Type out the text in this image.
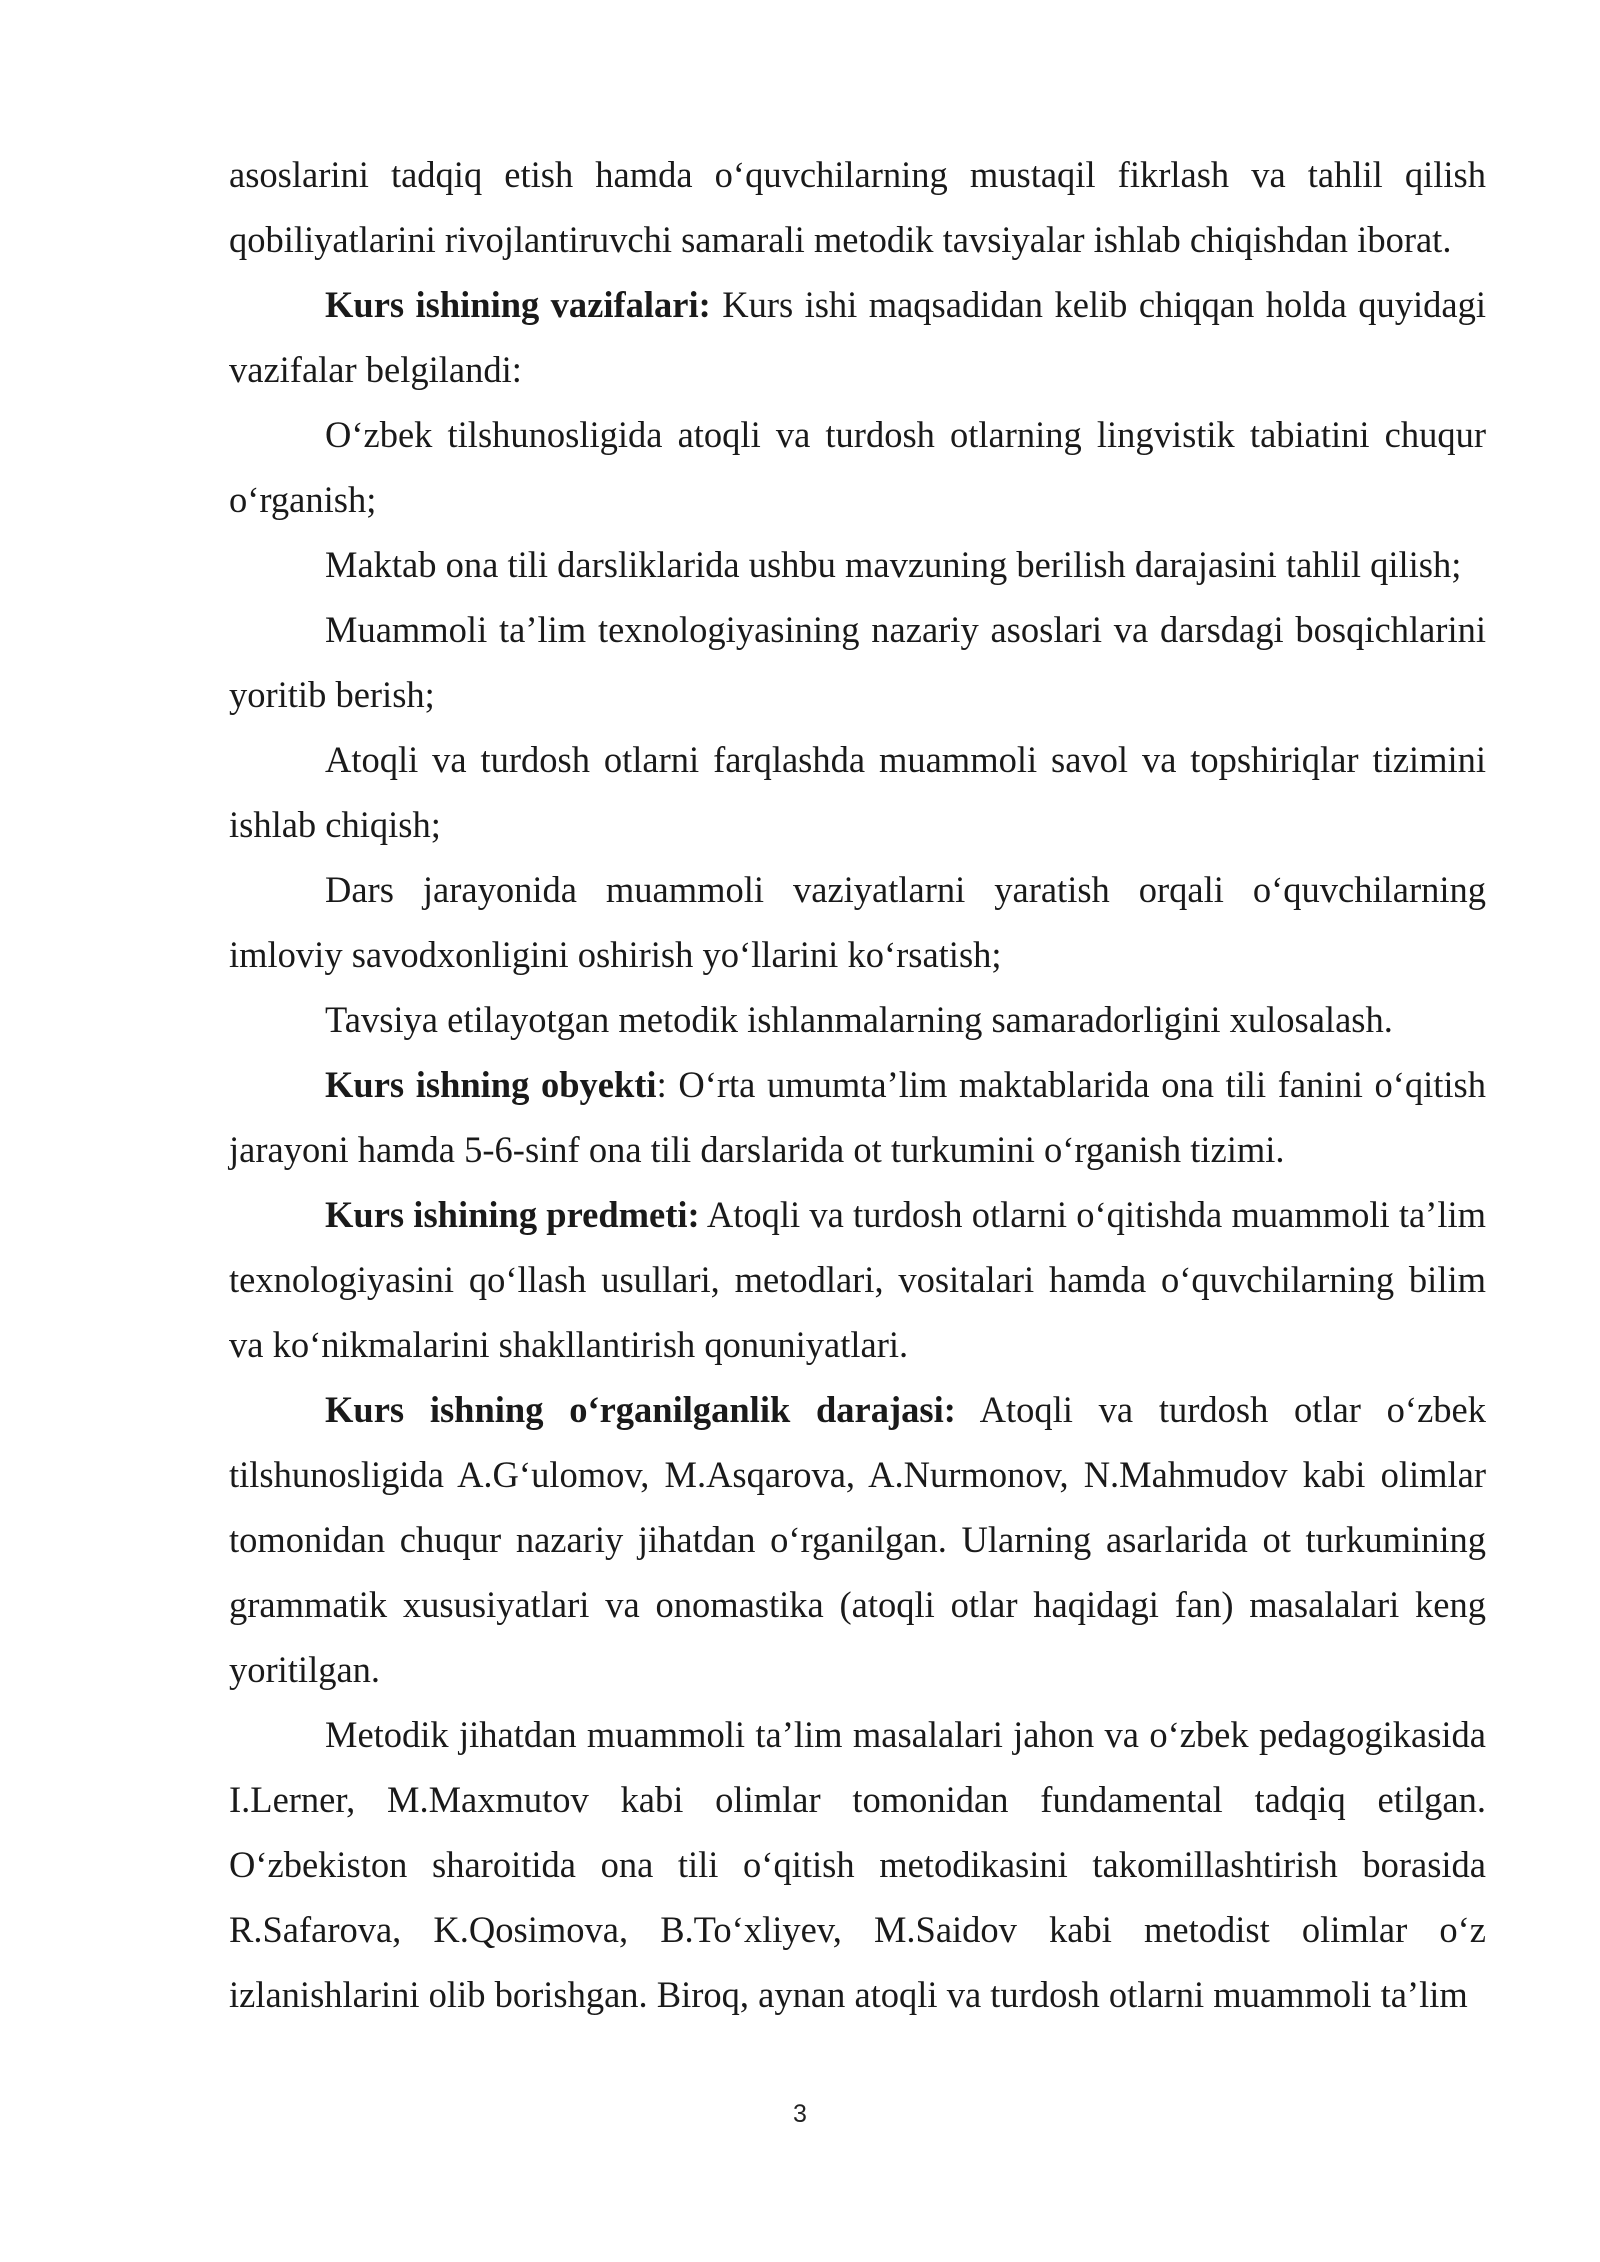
asoslarini tadqiq etish hamda o‘quvchilarning mustaqil fikrlash va tahlil qilish qobiliyatlarini rivojlantiruvchi samarali metodik tavsiyalar ishlab chiqishdan iborat.

Kurs ishining vazifalari: Kurs ishi maqsadidan kelib chiqqan holda quyidagi vazifalar belgilandi:

O‘zbek tilshunosligida atoqli va turdosh otlarning lingvistik tabiatini chuqur o‘rganish;

Maktab ona tili darsliklarida ushbu mavzuning berilish darajasini tahlil qilish;

Muammoli ta’lim texnologiyasining nazariy asoslari va darsdagi bosqichlarini yoritib berish;

Atoqli va turdosh otlarni farqlashda muammoli savol va topshiriqlar tizimini ishlab chiqish;

Dars jarayonida muammoli vaziyatlarni yaratish orqali o‘quvchilarning imloviy savodxonligini oshirish yo‘llarini ko‘rsatish;

Tavsiya etilayotgan metodik ishlanmalarning samaradorligini xulosalash.

Kurs ishning obyekti: O‘rta umumta’lim maktablarida ona tili fanini o‘qitish jarayoni hamda 5-6-sinf ona tili darslarida ot turkumini o‘rganish tizimi.

Kurs ishining predmeti: Atoqli va turdosh otlarni o‘qitishda muammoli ta’lim texnologiyasini qo‘llash usullari, metodlari, vositalari hamda o‘quvchilarning bilim va ko‘nikmalarini shakllantirish qonuniyatlari.

Kurs ishning o‘rganilganlik darajasi: Atoqli va turdosh otlar o‘zbek tilshunosligida A.G‘ulomov, M.Asqarova, A.Nurmonov, N.Mahmudov kabi olimlar tomonidan chuqur nazariy jihatdan o‘rganilgan. Ularning asarlarida ot turkumining grammatik xususiyatlari va onomastika (atoqli otlar haqidagi fan) masalalari keng yoritilgan.

Metodik jihatdan muammoli ta’lim masalalari jahon va o‘zbek pedagogikasida I.Lerner, M.Maxmutov kabi olimlar tomonidan fundamental tadqiq etilgan. O‘zbekiston sharoitida ona tili o‘qitish metodikasini takomillashtirish borasida R.Safarova, K.Qosimova, B.To‘xliyev, M.Saidov kabi metodist olimlar o‘z izlanishlarini olib borishgan. Biroq, aynan atoqli va turdosh otlarni muammoli ta’lim

3
